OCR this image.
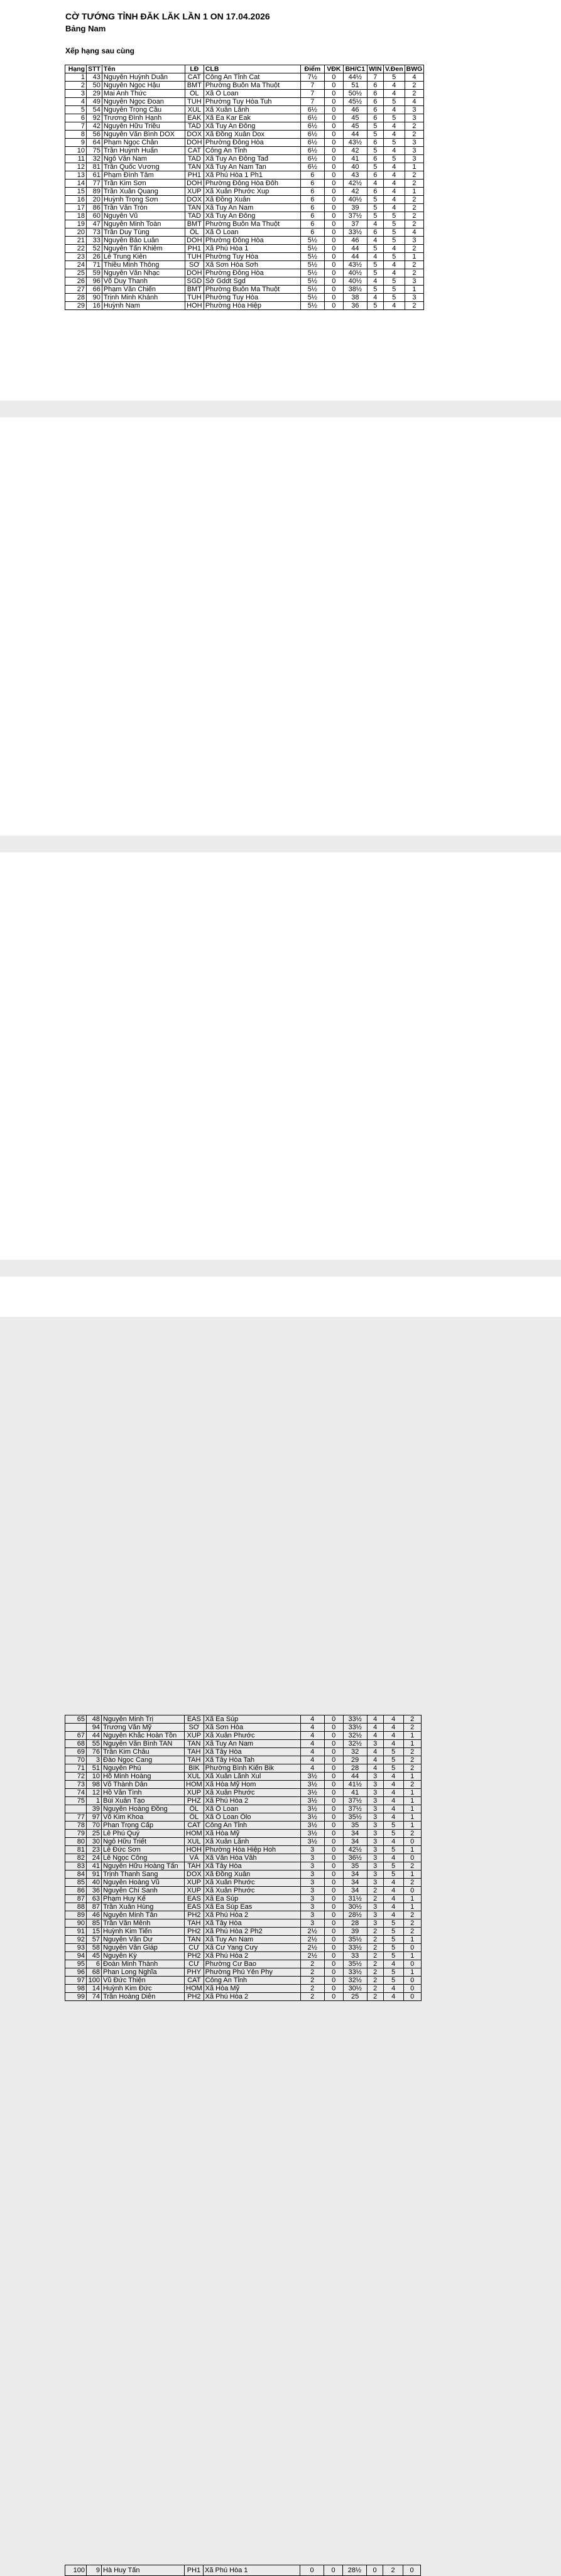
CỜ TƯỚNG TỈNH ĐĂK LĂK LẦN 1 ON 17.04.2026
Bảng Nam
Xếp hạng sau cùng
Hạng	STT	Tên	LĐ	CLB	Điểm	VĐK	BH/C1	WIN	V.Đen	BWG
1	43	Nguyễn Huỳnh Duân	CAT	Công An Tỉnh Cat	7½	0	44½	7	5	4
2	50	Nguyễn Ngọc Hậu	BMT	Phường Buôn Ma Thuột	7	0	51	6	4	2
3	29	Mai Anh Thức	ÔL	Xã Ô Loan	7	0	50½	6	4	2
4	49	Nguyễn Ngọc Đoan	TUH	Phường Tuy Hòa Tuh	7	0	45½	6	5	4
5	54	Nguyễn Trọng Cầu	XUL	Xã Xuân Lãnh	6½	0	46	6	4	3
6	92	Trương Đình Hạnh	EAK	Xã Ea Kar Eak	6½	0	45	6	5	3
7	42	Nguyễn Hữu Triều	TAD	Xã Tuy An Đông	6½	0	45	5	4	2
8	56	Nguyễn Văn Bình DOX	DOX	Xã Đồng Xuân Dox	6½	0	44	5	4	2
9	64	Phạm Ngọc Chân	DOH	Phường Đông Hòa	6½	0	43½	6	5	3
10	75	Trần Huỳnh Huấn	CAT	Công An Tỉnh	6½	0	42	5	4	3
11	32	Ngô Văn Nam	TAD	Xã Tuy An Đông Tađ	6½	0	41	6	5	3
12	81	Trần Quốc Vương	TAN	Xã Tuy An Nam Tan	6½	0	40	5	4	1
13	61	Phạm Đình Tâm	PH1	Xã Phú Hòa 1 Ph1	6	0	43	6	4	2
14	77	Trần Kim Sơn	DOH	Phường Đông Hòa Đôh	6	0	42½	4	4	2
15	89	Trần Xuân Quang	XUP	Xã Xuân Phước Xup	6	0	42	6	4	1
16	20	Huỳnh Trọng Sơn	DOX	Xã Đồng Xuân	6	0	40½	5	4	2
17	86	Trần Văn Tròn	TAN	Xã Tuy An Nam	6	0	39	5	4	2
18	60	Nguyễn Vũ	TAD	Xã Tuy An Đông	6	0	37½	5	5	2
19	47	Nguyễn Minh Toàn	BMT	Phường Buôn Ma Thuột	6	0	37	4	5	2
20	73	Trần Duy Tùng	ÔL	Xã Ô Loan	6	0	33½	6	5	4
21	33	Nguyễn Bảo Luân	DOH	Phường Đông Hòa	5½	0	46	4	5	3
22	52	Nguyễn Tấn Khiêm	PH1	Xã Phú Hòa 1	5½	0	44	5	4	2
23	26	Lê Trung Kiên	TUH	Phường Tuy Hòa	5½	0	44	4	5	1
24	71	Thiều Minh Thông	SƠ	Xã Sơn Hòa Sơh	5½	0	43½	5	4	2
25	59	Nguyễn Văn Nhạc	DOH	Phường Đông Hòa	5½	0	40½	5	4	2
26	96	Võ Duy Thanh	SGD	Sở Gddt Sgd	5½	0	40½	4	5	3
27	66	Phạm Văn Chiến	BMT	Phường Buôn Ma Thuột	5½	0	38½	5	5	1
28	90	Trịnh Minh Khánh	TUH	Phường Tuy Hòa	5½	0	38	4	5	3
29	16	Huỳnh Nam	HOH	Phường Hòa Hiệp	5½	0	36	5	4	2

65	48	Nguyễn Minh Trị	EAS	Xã Ea Súp	4	0	33½	4	4	2
	94	Trương Văn Mỹ	SƠ	Xã Sơn Hòa	4	0	33½	4	4	2
67	44	Nguyễn Khắc Hoàn Tồn	XUP	Xã Xuân Phước	4	0	32½	4	4	1
68	55	Nguyễn Văn Bình TAN	TAN	Xã Tuy An Nam	4	0	32½	3	4	1
69	76	Trần Kim Châu	TAH	Xã Tây Hòa	4	0	32	4	5	2
70	3	Đào Ngọc Cang	TAH	Xã Tây Hòa Tah	4	0	29	4	5	2
71	51	Nguyễn Phú	BIK	Phường Bình Kiến Bik	4	0	28	4	5	2
72	10	Hồ Minh Hoàng	XUL	Xã Xuân Lãnh Xul	3½	0	44	3	4	1
73	98	Võ Thành Dân	HOM	Xã Hòa Mỹ Hom	3½	0	41½	3	4	2
74	12	Hồ Văn Tình	XUP	Xã Xuân Phước	3½	0	41	3	4	1
75	1	Bùi Xuân Tạo	PHZ	Xã Phú Hòa 2	3½	0	37½	3	4	1
	39	Nguyễn Hoàng Đồng	ÔL	Xã Ô Loan	3½	0	37½	3	4	1
77	97	Võ Kim Khoa	ÔL	Xã Ô Loan Ôlo	3½	0	35½	3	4	1
78	70	Phan Trọng Cấp	CAT	Công An Tỉnh	3½	0	35	3	5	1
79	25	Lê Phú Quý	HOM	Xã Hòa Mỹ	3½	0	34	3	5	2
80	30	Ngô Hữu Triết	XUL	Xã Xuân Lãnh	3½	0	34	3	4	0
81	23	Lê Đức Sơn	HOH	Phường Hòa Hiệp Hoh	3	0	42½	3	5	1
82	24	Lê Ngọc Công	VẢ	Xã Vân Hòa Vâh	3	0	36½	3	4	0
83	41	Nguyễn Hữu Hoàng Tấn	TAH	Xã Tây Hòa	3	0	35	3	5	2
84	91	Trịnh Thanh Sang	DOX	Xã Đồng Xuân	3	0	34	3	5	1
85	40	Nguyễn Hoàng Vũ	XUP	Xã Xuân Phước	3	0	34	3	4	2
86	36	Nguyễn Chí Sanh	XUP	Xã Xuân Phước	3	0	34	2	4	0
87	63	Phạm Huy Kế	EAS	Xã Ea Súp	3	0	31½	2	4	1
88	87	Trần Xuân Hùng	EAS	Xã Ea Súp Eas	3	0	30½	3	4	1
89	46	Nguyễn Minh Tân	PH2	Xã Phú Hòa 2	3	0	28½	3	4	2
90	85	Trần Văn Mênh	TAH	Xã Tây Hòa	3	0	28	3	5	2
91	15	Huỳnh Kim Tiến	PH2	Xã Phú Hòa 2 Ph2	2½	0	39	2	5	2
92	57	Nguyễn Văn Dư	TAN	Xã Tuy An Nam	2½	0	35½	2	5	1
93	58	Nguyễn Văn Giáp	CƯ	Xã Cư Yang Cưy	2½	0	33½	2	5	0
94	45	Nguyễn Kỳ	PH2	Xã Phú Hòa 2	2½	0	33	2	5	1
95	6	Đoàn Minh Thành	CƯ	Phường Cư Bao	2	0	35½	2	4	0
96	68	Phan Long Nghĩa	PHY	Phường Phú Yên Phy	2	0	33½	2	5	1
97	100	Vũ Đức Thiện	CAT	Công An Tỉnh	2	0	32½	2	5	0
98	14	Huỳnh Kim Đức	HOM	Xã Hòa Mỹ	2	0	30½	2	4	0
99	74	Trần Hoàng Diễn	PH2	Xã Phú Hòa 2	2	0	25	2	4	0
100	9	Hà Huy Tấn	PH1	Xã Phú Hòa 1	0	0	28½	0	2	0
